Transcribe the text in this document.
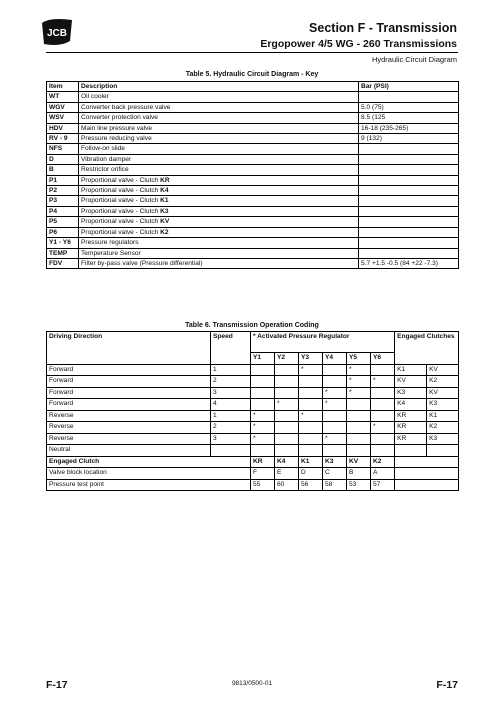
JCB	Section F - Transmission
Ergopower 4/5 WG - 260 Transmissions
Hydraulic Circuit Diagram
Table 5. Hydraulic Circuit Diagram - Key
Item	Description	Bar (PSI)
WT	Oil cooler	
WGV	Converter back pressure valve	5.0 (75)
WSV	Converter protection valve	8.5 (125
HDV	Main line pressure valve	16-18 (235-265)
RV - 9	Pressure reducing valve	9 (132)
NFS	Follow-on slide	
D	Vibration damper	
B	Restrictor orifice	
P1	Proportional valve - Clutch KR	
P2	Proportional valve - Clutch K4	
P3	Proportional valve - Clutch K1	
P4	Proportional valve - Clutch K3	
P5	Proportional valve - Clutch KV	
P6	Proportional valve - Clutch K2	
Y1 - Y6	Pressure regulators	
TEMP	Temperature Sensor	
FDV	Filter by-pass valve (Pressure differential)	5.7 +1.5 -0.5 (84 +22 -7.3)
Table 6. Transmission Operation Coding
Driving Direction	Speed	* Activated Pressure Regulator						Engaged Clutches	
		Y1	Y2	Y3	Y4	Y5	Y6		
Forward	1			*		*		K1	KV
Forward	2					*	*	KV	K2
Forward	3				*	*		K3	KV
Forward	4		*		*			K4	K3
Reverse	1	*		*				KR	K1
Reverse	2	*					*	KR	K2
Reverse	3	*			*			KR	K3
Neutral									
Engaged Clutch		KR	K4	K1	K3	KV	K2		
Valve block location		F	E	D	C	B	A		
Pressure test point		55	60	56	58	53	57		
F-17	9813/0500-01	F-17
